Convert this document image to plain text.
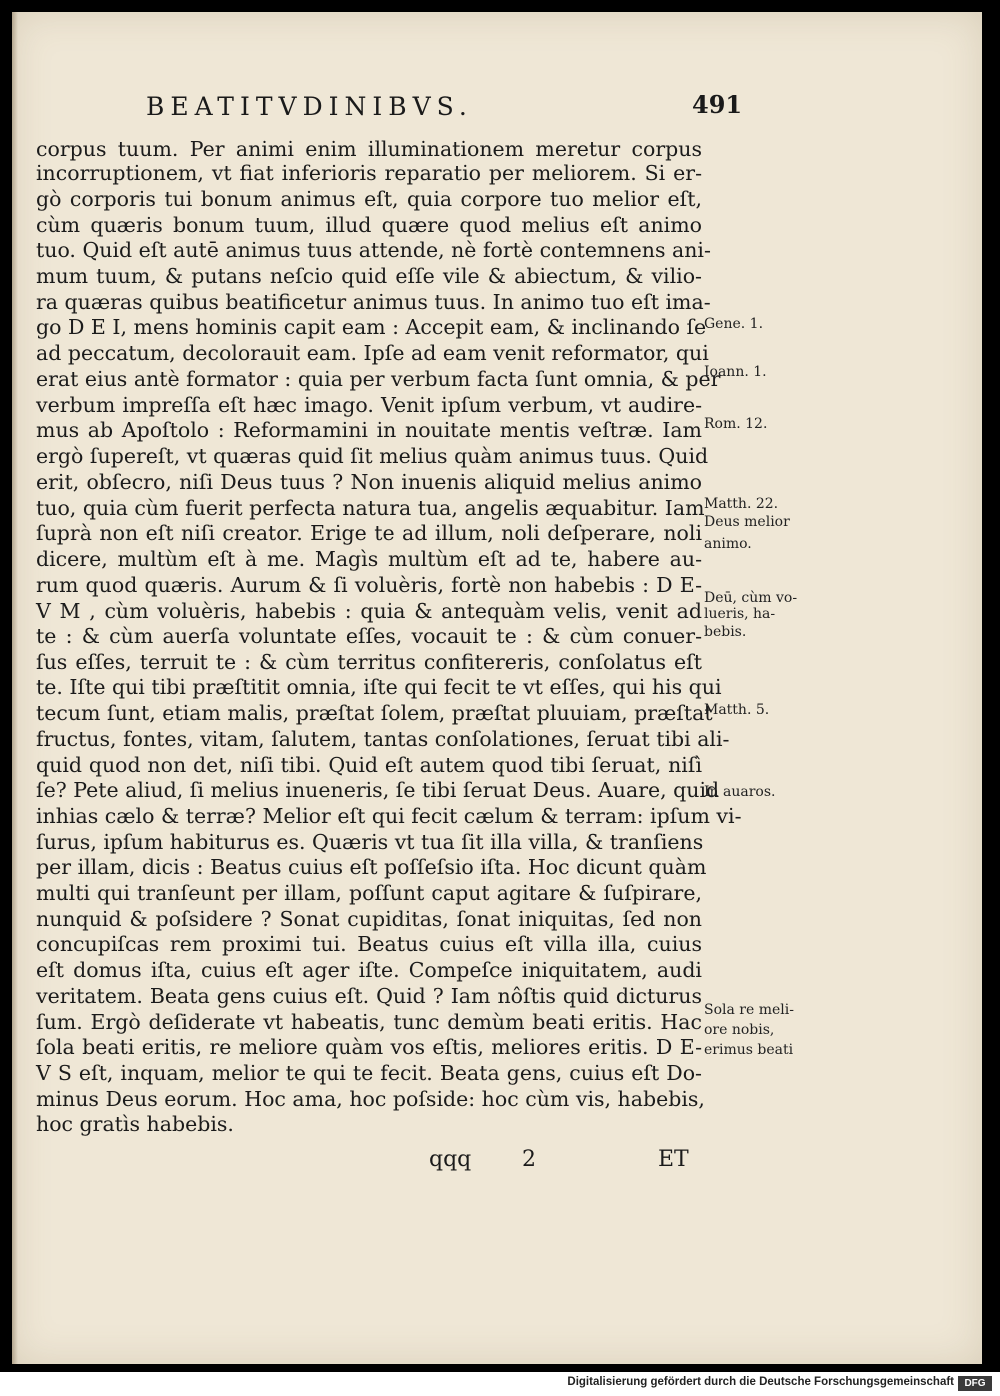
BEATITVDINIBVS.	491
corpus tuum. Per animi enim illuminationem meretur corpus
incorruptionem, vt fiat inferioris reparatio per meliorem. Si er-
gò corporis tui bonum animus eſt, quia corpore tuo melior eſt,
cùm quæris bonum tuum, illud quære quod melius eſt animo
tuo. Quid eſt autē animus tuus attende, nè fortè contemnens ani-
mum tuum, & putans neſcio quid eſſe vile & abiectum, & vilio-
ra quæras quibus beatificetur animus tuus. In animo tuo eſt ima-
go D E I, mens hominis capit eam : Accepit eam, & inclinando ſe
ad peccatum, decolorauit eam. Ipſe ad eam venit reformator, qui
erat eius antè formator : quia per verbum facta ſunt omnia, & per
verbum impreſſa eſt hæc imago. Venit ipſum verbum, vt audire-
mus ab Apoſtolo : Reformamini in nouitate mentis veſtræ. Iam
ergò ſupereſt, vt quæras quid ſit melius quàm animus tuus. Quid
erit, obſecro, niſi Deus tuus ? Non inuenis aliquid melius animo
tuo, quia cùm fuerit perfecta natura tua, angelis æquabitur. Iam
ſuprà non eſt niſi creator. Erige te ad illum, noli deſperare, noli
dicere, multùm eſt à me. Magìs multùm eſt ad te, habere au-
rum quod quæris. Aurum & ſi voluèris, fortè non habebis : D E-
V M , cùm voluèris, habebis : quia & antequàm velis, venit ad
te : & cùm auerſa voluntate eſſes, vocauit te : & cùm conuer-
ſus eſſes, terruit te : & cùm territus confitereris, conſolatus eſt
te. Iſte qui tibi præſtitit omnia, iſte qui fecit te vt eſſes, qui his qui
tecum ſunt, etiam malis, præſtat ſolem, præſtat pluuiam, præſtat
fructus, fontes, vitam, ſalutem, tantas conſolationes, ſeruat tibi ali-
quid quod non det, niſi tibi. Quid eſt autem quod tibi ſeruat, niſì
ſe? Pete aliud, ſi melius inueneris, ſe tibi ſeruat Deus. Auare, quid
inhias cælo & terræ? Melior eſt qui fecit cælum & terram: ipſum vi-
ſurus, ipſum habiturus es. Quæris vt tua ſit illa villa, & tranſiens
per illam, dicis : Beatus cuius eſt poſſeſsio iſta. Hoc dicunt quàm
multi qui tranſeunt per illam, poſſunt caput agitare & ſuſpirare,
nunquid & poſsidere ? Sonat cupiditas, ſonat iniquitas, ſed non
concupiſcas rem proximi tui. Beatus cuius eſt villa illa, cuius
eſt domus iſta, cuius eſt ager iſte. Compeſce iniquitatem, audi
veritatem. Beata gens cuius eſt. Quid ? Iam nôſtis quid dicturus
ſum. Ergò deſiderate vt habeatis, tunc demùm beati eritis. Hac
ſola beati eritis, re meliore quàm vos eſtis, meliores eritis. D E-
V S eſt, inquam, melior te qui te fecit. Beata gens, cuius eſt Do-
minus Deus eorum. Hoc ama, hoc poſside: hoc cùm vis, habebis,
hoc gratìs habebis.
Gene. 1.
Ioann. 1.
Rom. 12.
Matth. 22.
Deus melior
animo.
Deū, cùm vo-
lueris, ha-
bebis.
Matth. 5.
In auaros.
Sola re meli-
ore nobis,
erimus beati
qqq 2	ET
Digitalisierung gefördert durch die Deutsche Forschungsgemeinschaft	DFG
